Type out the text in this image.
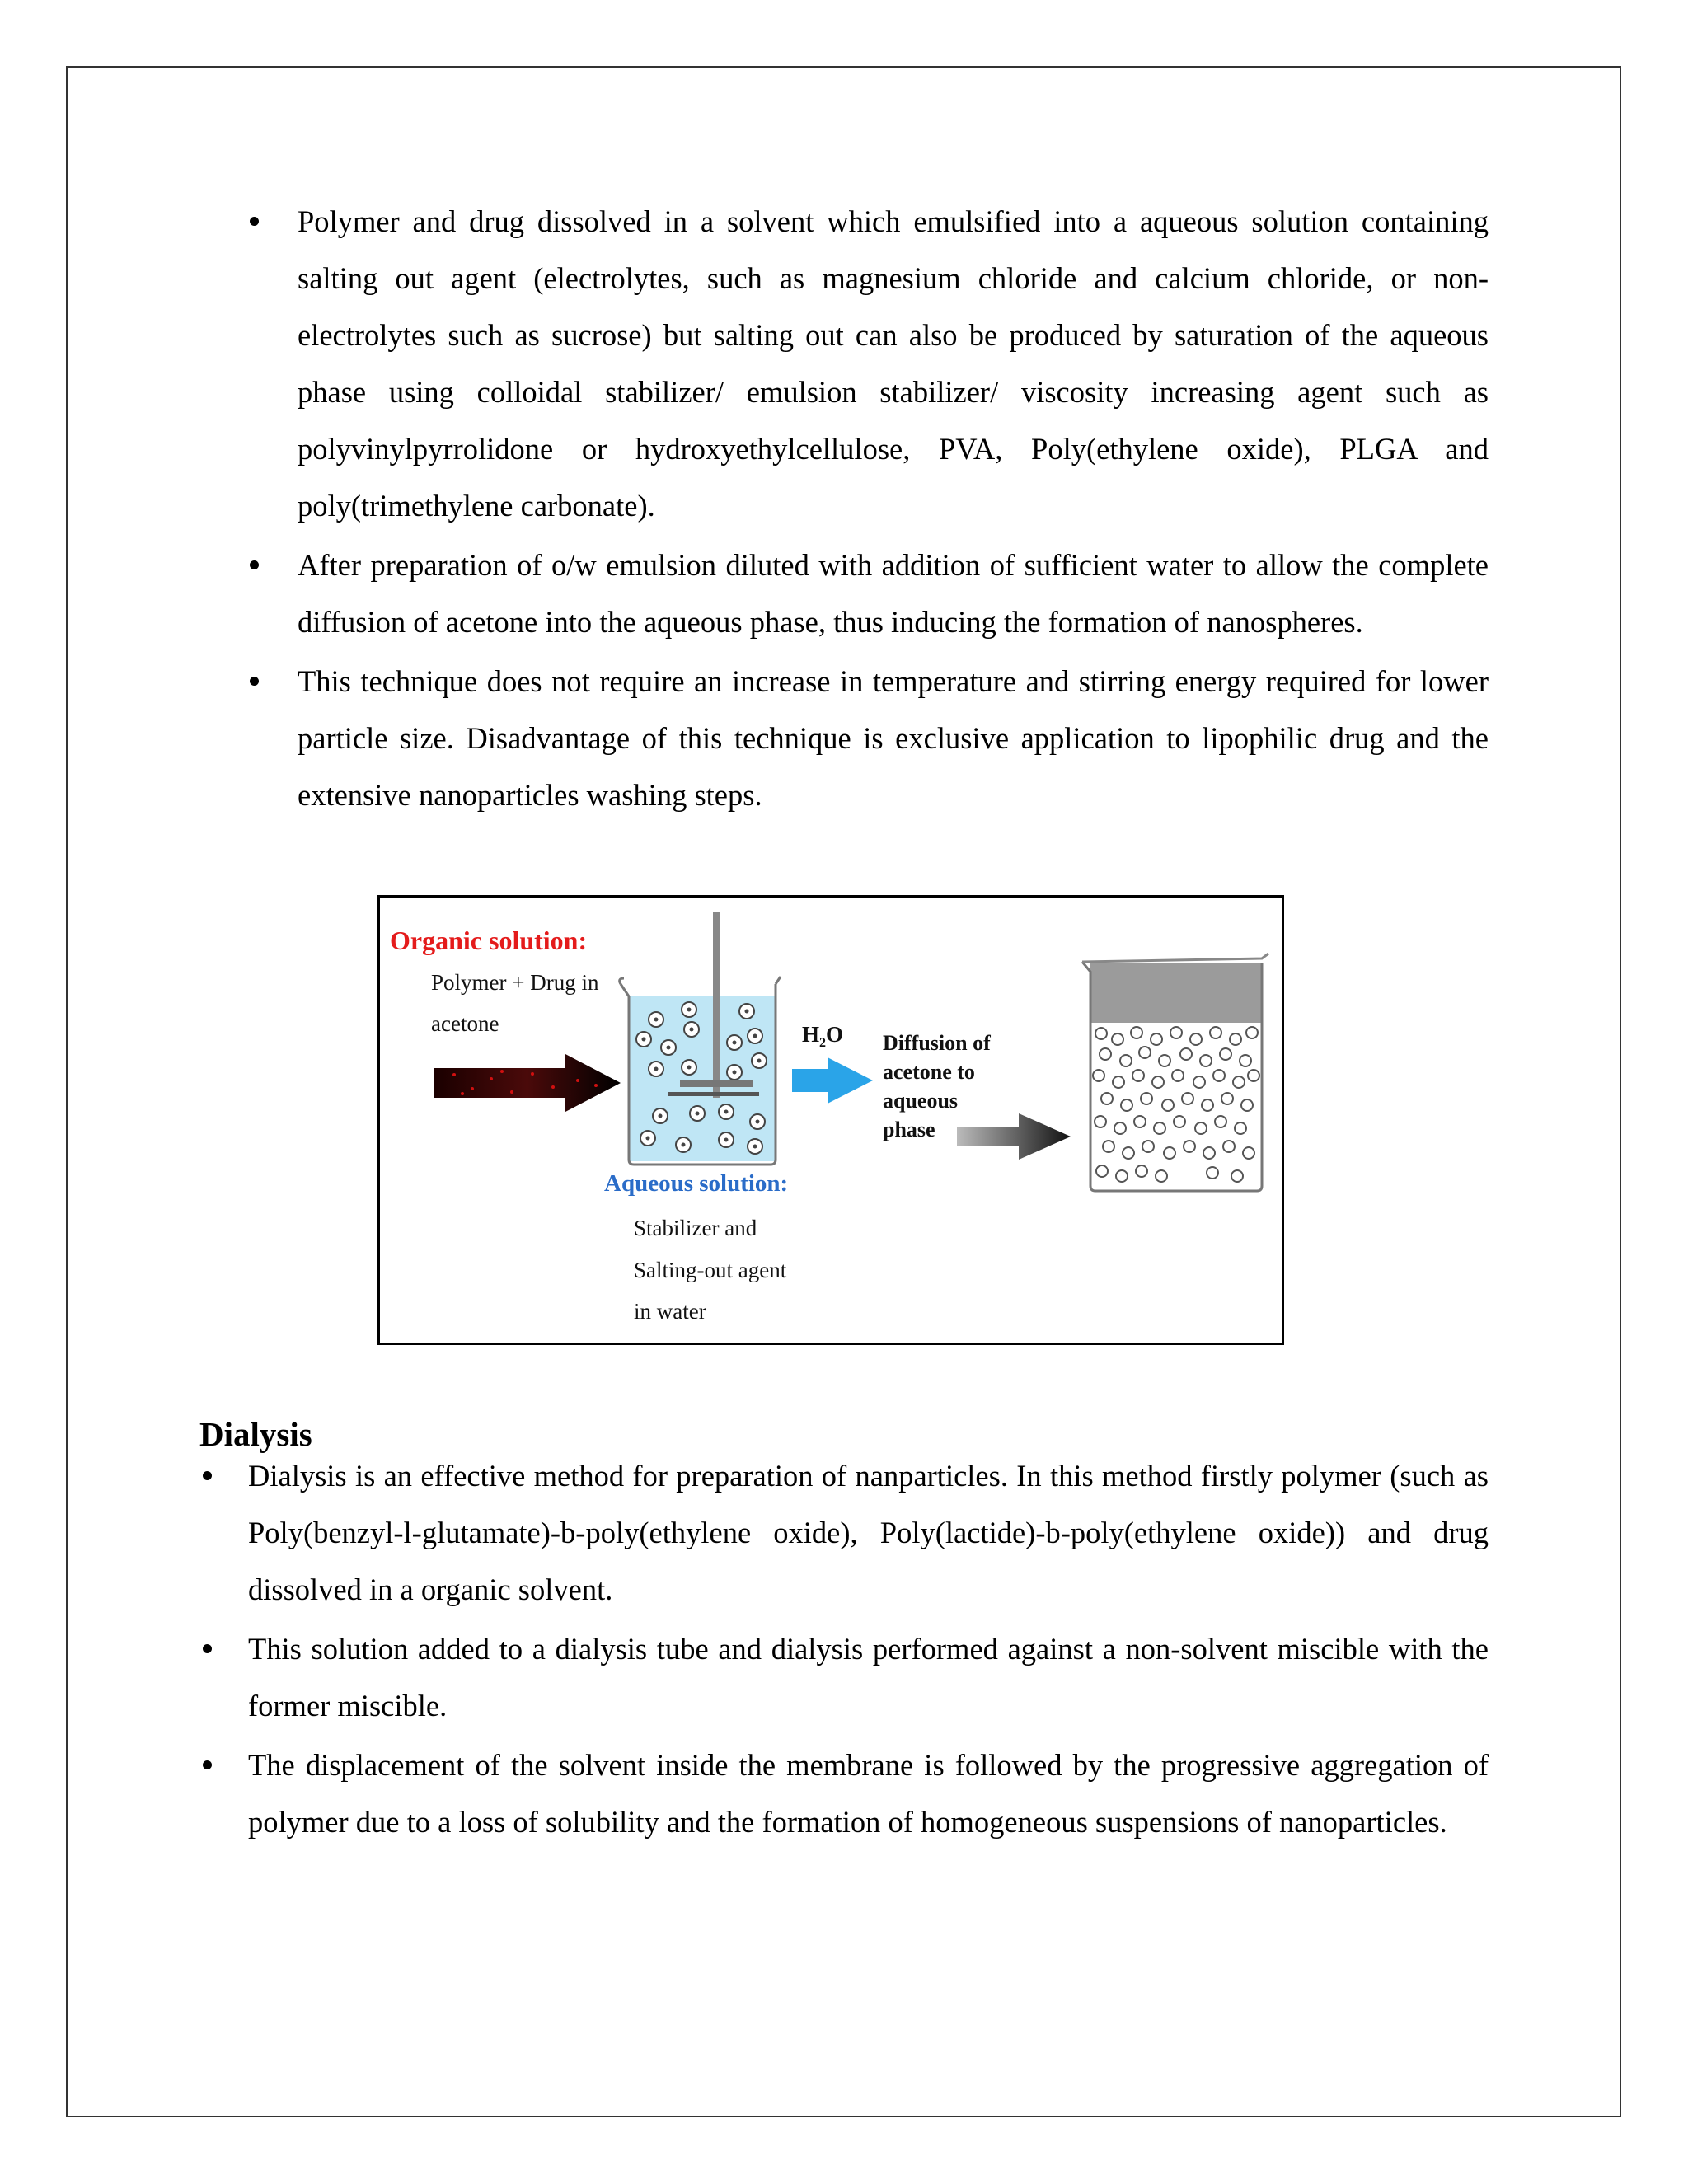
Polymer and drug dissolved in a solvent which emulsified into a aqueous solution containing salting out agent (electrolytes, such as magnesium chloride and calcium chloride, or non- electrolytes such as sucrose) but salting out can also be produced by saturation of the aqueous phase using colloidal stabilizer/ emulsion stabilizer/ viscosity increasing agent such as polyvinylpyrrolidone or hydroxyethylcellulose, PVA, Poly(ethylene oxide), PLGA and poly(trimethylene carbonate).
After preparation of o/w emulsion diluted with addition of sufficient water to allow the complete diffusion of acetone into the aqueous phase, thus inducing the formation of nanospheres.
This technique does not require an increase in temperature and stirring energy required for lower particle size. Disadvantage of this technique is exclusive application to lipophilic drug and the extensive nanoparticles washing steps.
Organic solution:
Polymer + Drug in
acetone	$H_2O$ Diffusion of
acetone to
aqueous
phase
Aqueous solution:
Stabilizer and
Salting-out agent
in water
Dialysis
Dialysis is an effective method for preparation of nanparticles. In this method firstly polymer (such as Poly(benzyl-l-glutamate)-b-poly(ethylene oxide), Poly(lactide)-b-poly(ethylene oxide)) and drug dissolved in a organic solvent.
This solution added to a dialysis tube and dialysis performed against a non-solvent miscible with the former miscible.
The displacement of the solvent inside the membrane is followed by the progressive aggregation of polymer due to a loss of solubility and the formation of homogeneous suspensions of nanoparticles.
